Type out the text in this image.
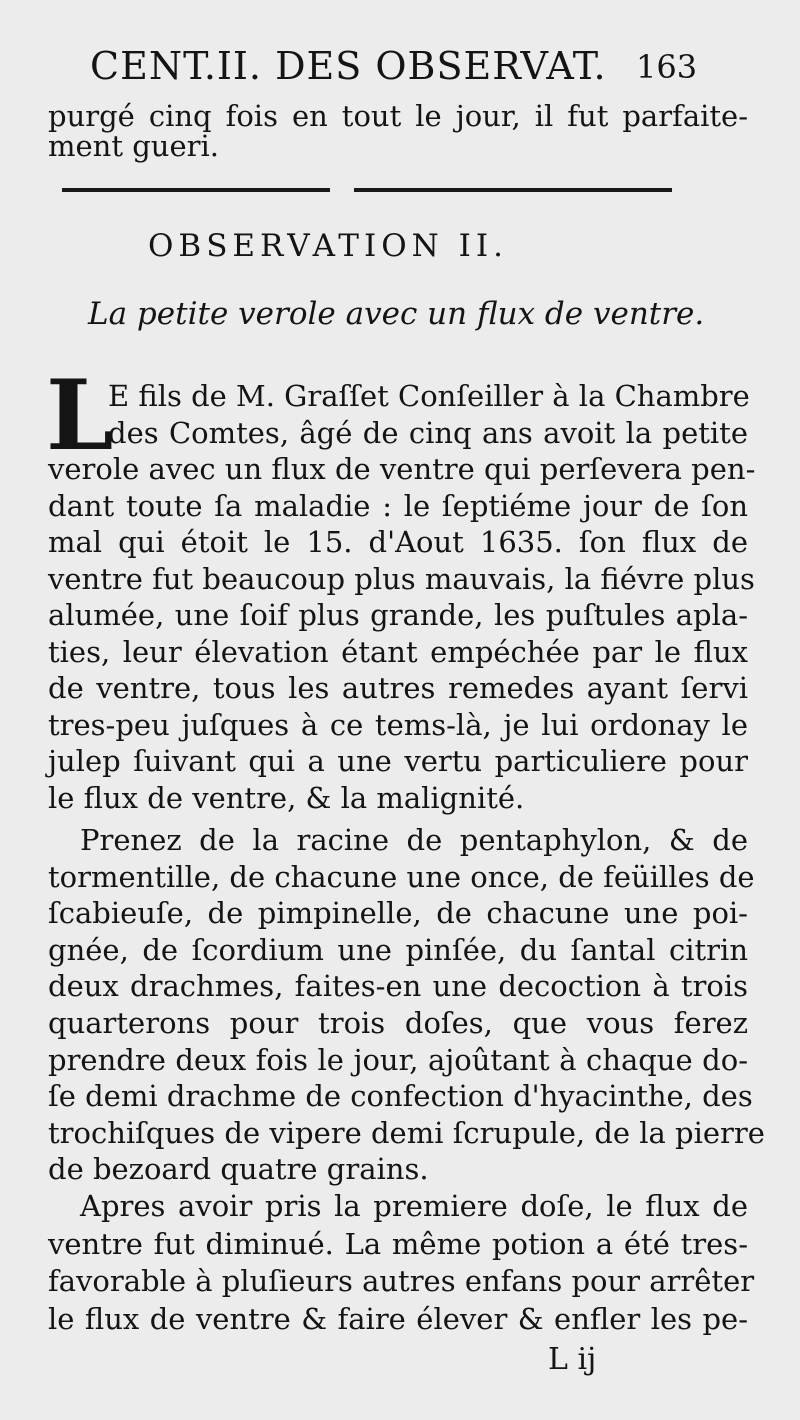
CENT.II. DES OBSERVAT. 163
purgé cinq fois en tout le jour, il fut parfaite-
ment gueri.
OBSERVATION II.
La petite verole avec un flux de ventre.
L
E fils de M. Graſſet Conſeiller à la Chambre
des Comtes, âgé de cinq ans avoit la petite
verole avec un flux de ventre qui perſevera pen-
dant toute ſa maladie : le ſeptiéme jour de ſon
mal qui étoit le 15. d'Aout 1635. ſon flux de
ventre fut beaucoup plus mauvais, la fiévre plus
alumée, une ſoif plus grande, les puſtules apla-
ties, leur élevation étant empéchée par le flux
de ventre, tous les autres remedes ayant ſervi
tres-peu juſques à ce tems-là, je lui ordonay le
julep ſuivant qui a une vertu particuliere pour
le flux de ventre, & la malignité.
Prenez de la racine de pentaphylon, & de
tormentille, de chacune une once, de feüilles de
ſcabieuſe, de pimpinelle, de chacune une poi-
gnée, de ſcordium une pinſée, du ſantal citrin
deux drachmes, faites-en une decoction à trois
quarterons pour trois doſes, que vous ferez
prendre deux fois le jour, ajoûtant à chaque do-
ſe demi drachme de confection d'hyacinthe, des
trochiſques de vipere demi ſcrupule, de la pierre
de bezoard quatre grains.
Apres avoir pris la premiere doſe, le flux de
ventre fut diminué. La même potion a été tres-
favorable à pluſieurs autres enfans pour arrêter
le flux de ventre & faire élever & enfler les pe-
L ij
